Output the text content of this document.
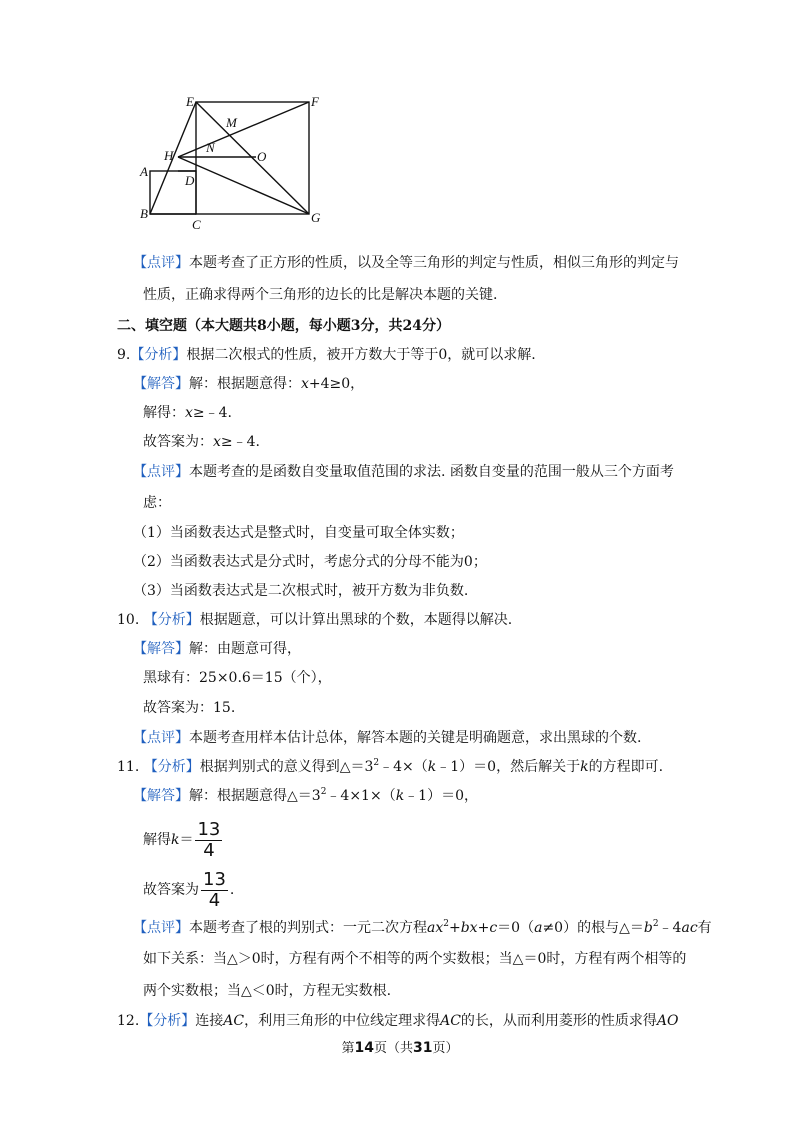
E	F
M
H
N
O
A
D
B
C	G
【点评】本题考查了正方形的性质，以及全等三角形的判定与性质，相似三角形的判定与
性质，正确求得两个三角形的边长的比是解决本题的关键.
二、填空题（本大题共8小题，每小题3分，共24分）
9.【分析】根据二次根式的性质，被开方数大于等于0，就可以求解.
【解答】解：根据题意得：x+4≥0，
解得：x≥﹣4.
故答案为：x≥﹣4.
【点评】本题考查的是函数自变量取值范围的求法. 函数自变量的范围一般从三个方面考
虑：
（1）当函数表达式是整式时，自变量可取全体实数；
（2）当函数表达式是分式时，考虑分式的分母不能为0；
（3）当函数表达式是二次根式时，被开方数为非负数.
10. 【分析】根据题意，可以计算出黑球的个数，本题得以解决.
【解答】解：由题意可得，
黑球有：25×0.6＝15（个），
故答案为：15.
【点评】本题考查用样本估计总体，解答本题的关键是明确题意，求出黑球的个数.
11. 【分析】根据判别式的意义得到$\triangle=3^2﹣4\times(k﹣1)=0$，然后解关于k的方程即可.
【解答】解：根据题意得$\triangle=3^2﹣4\times 1\times(k﹣1)=0$，
解得$k= \frac{13}{4}$
故答案为 $\frac{13}{4}$ .
【点评】本题考查了根的判别式：一元二次方程$ax^2+bx+c=0(a\ne 0)$的根与$\triangle=b^2﹣4ac$有
如下关系：当△＞0时，方程有两个不相等的两个实数根；当△＝0时，方程有两个相等的
两个实数根；当△＜0时，方程无实数根.
12.【分析】连接AC，利用三角形的中位线定理求得AC的长，从而利用菱形的性质求得AO
第14页（共31页）
